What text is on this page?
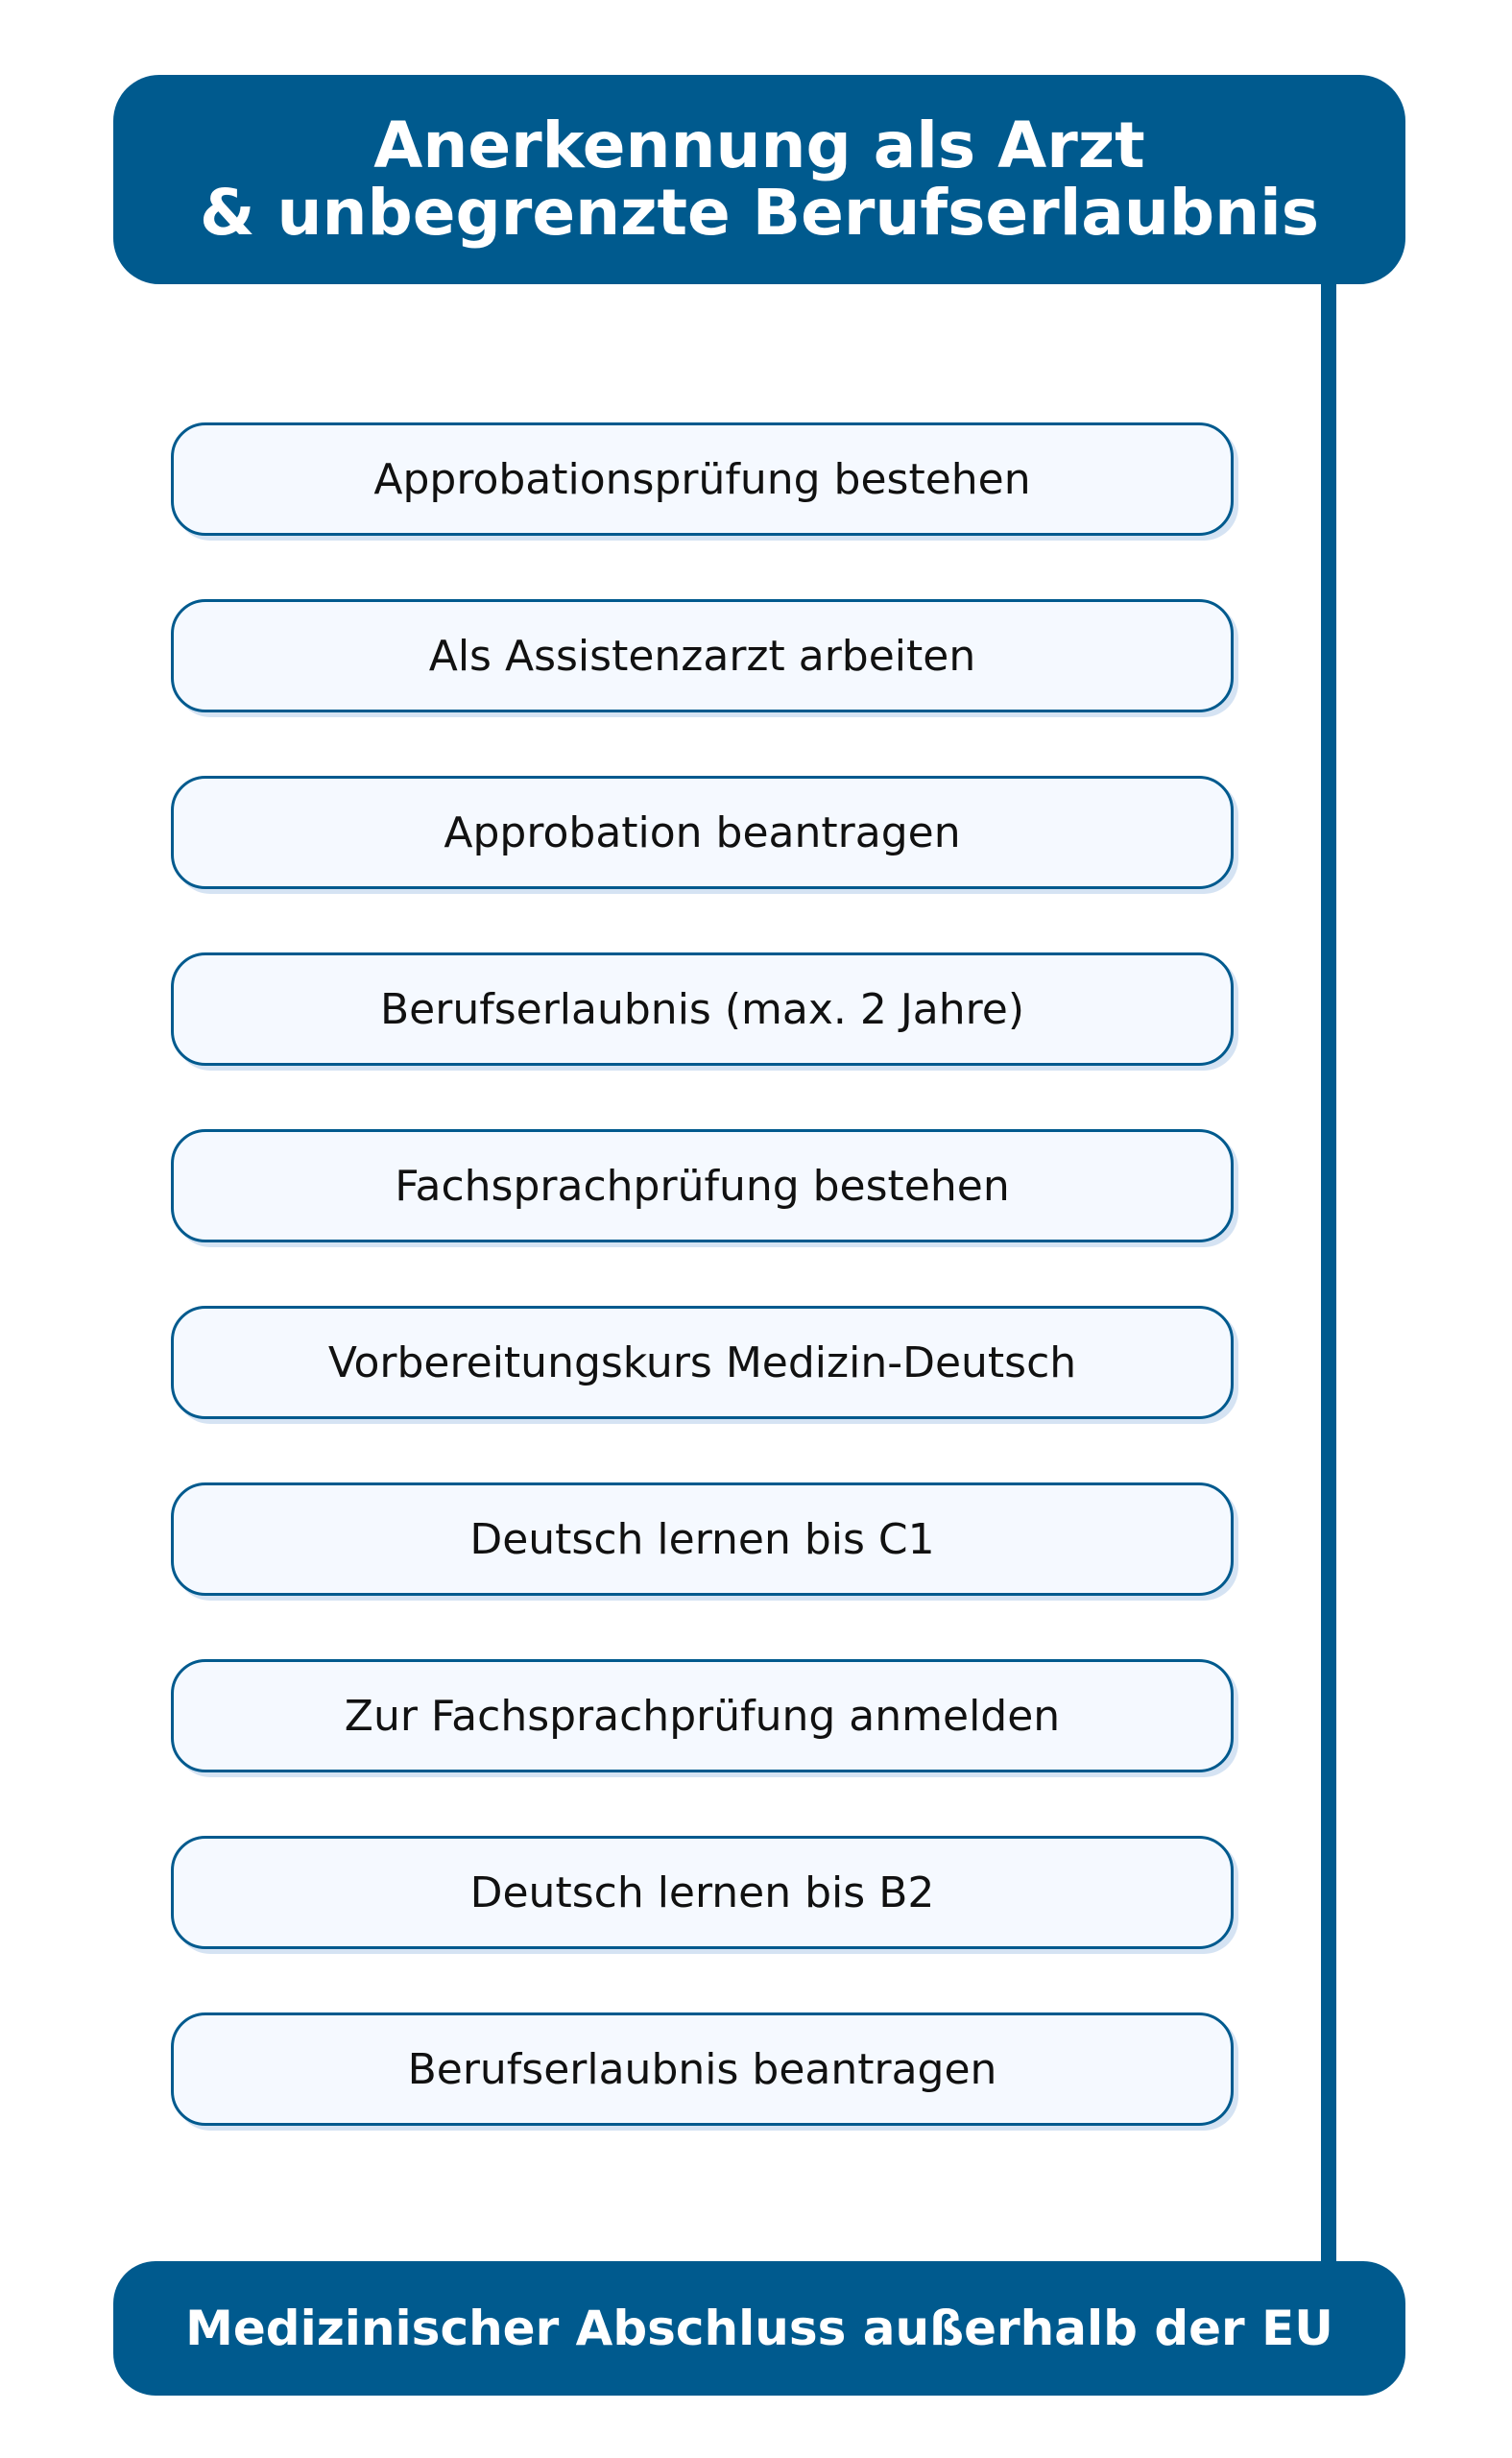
Anerkennung als Arzt
& unbegrenzte Berufserlaubnis
Approbationsprüfung bestehen
Als Assistenzarzt arbeiten
Approbation beantragen
Berufserlaubnis (max. 2 Jahre)
Fachsprachprüfung bestehen
Vorbereitungskurs Medizin-Deutsch
Deutsch lernen bis C1
Zur Fachsprachprüfung anmelden
Deutsch lernen bis B2
Berufserlaubnis beantragen
Medizinischer Abschluss außerhalb der EU
